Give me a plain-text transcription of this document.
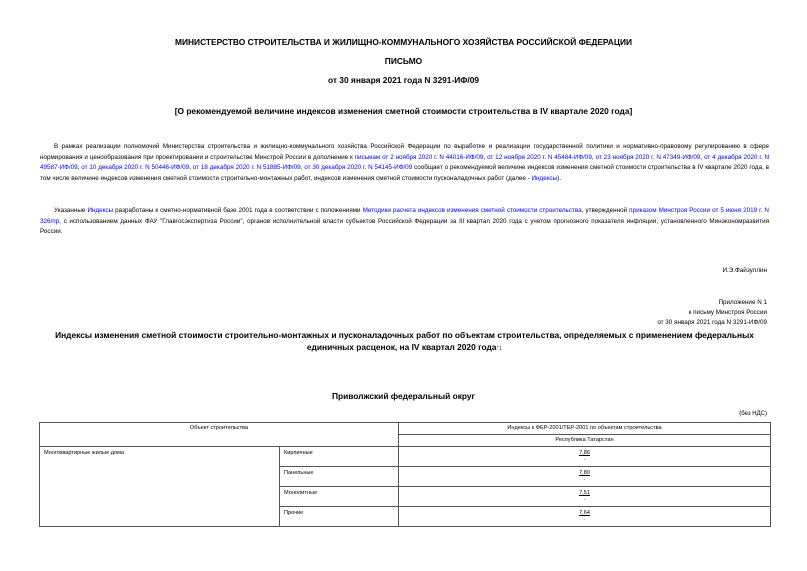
МИНИСТЕРСТВО СТРОИТЕЛЬСТВА И ЖИЛИЩНО-КОММУНАЛЬНОГО ХОЗЯЙСТВА РОССИЙСКОЙ ФЕДЕРАЦИИ
ПИСЬМО
от 30 января 2021 года N 3291-ИФ/09
[О рекомендуемой величине индексов изменения сметной стоимости строительства в IV квартале 2020 года]
В рамках реализации полномочий Министерства строительства и жилищно-коммунального хозяйства Российской Федерации по выработке и реализации государственной политики и нормативно-правовому регулированию в сфере нормирования и ценообразования при проектировании и строительстве Минстрой России в дополнение к письмам от 2 ноября 2020 г. N 44016-ИФ/09, от 12 ноября 2020 г. N 45484-ИФ/09, от 23 ноября 2020 г. N 47349-ИФ/09, от 4 декабря 2020 г. N 49587-ИФ/09, от 10 декабря 2020 г. N 50446-ИФ/09, от 18 декабря 2020 г. N 51885-ИФ/09, от 30 декабря 2020 г. N 54145-ИФ/09 сообщает о рекомендуемой величине индексов изменения сметной стоимости строительства в IV квартале 2020 года, в том числе величине индексов изменения сметной стоимости строительно-монтажных работ, индексов изменения сметной стоимости пусконаладочных работ (далее - Индексы).
Указанные Индексы разработаны к сметно-нормативной базе 2001 года в соответствии с положениями Методики расчета индексов изменения сметной стоимости строительства, утвержденной приказом Минстроя России от 5 июня 2019 г. N 326/пр, с использованием данных ФАУ "Главгосэкспертиза России", органов исполнительной власти субъектов Российской Федерации за III квартал 2020 года с учетом прогнозного показателя инфляции, установленного Минэкономразвития России.
И.Э.Файзуллин
Приложение N 1
к письму Минстроя России
от 30 января 2021 года N 3291-ИФ/09
Индексы изменения сметной стоимости строительно-монтажных и пусконаладочных работ по объектам строительства, определяемых с применением федеральных единичных расценок, на IV квартал 2020 года*1
Приволжский федеральный округ
(без НДС)
Объект строительства		Индексы к ФЕР-2001/ТЕР-2001 по объектам строительства
		Республика Татарстан
Многоквартирные жилые дома	Кирпичные	7,86
-
	Панельные	7,80
-
	Монолитные	7,51
-
	Прочие	7,64
-
